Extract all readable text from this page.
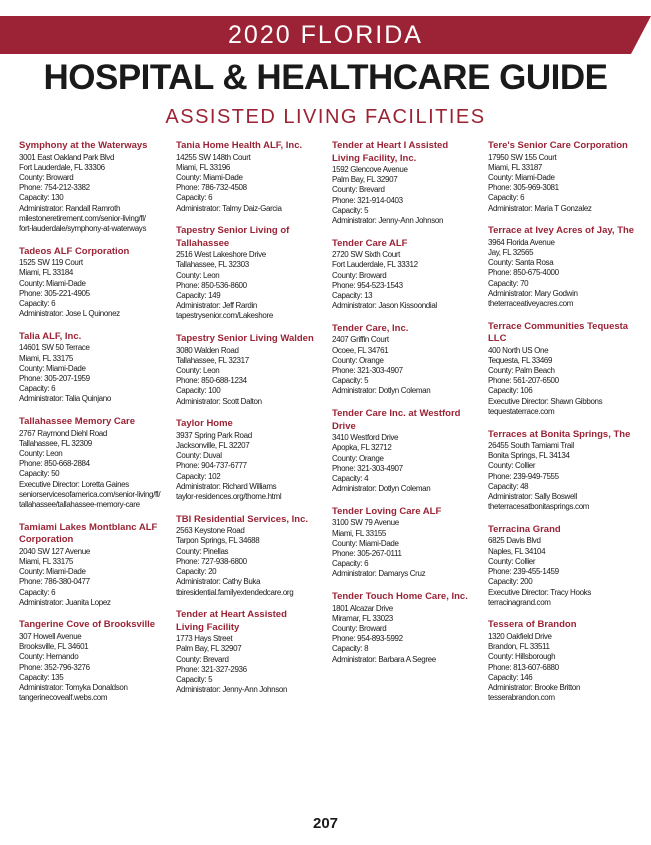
2020 FLORIDA
HOSPITAL & HEALTHCARE GUIDE
ASSISTED LIVING FACILITIES
Symphony at the Waterways
3001 East Oakland Park Blvd
Fort Lauderdale, FL 33306
County: Broward
Phone: 754-212-3382
Capacity: 130
Administrator: Randall Ramroth
milestoneretirement.com/senior-living/fl/
fort-lauderdale/symphony-at-waterways
Tadeos ALF Corporation
1525 SW 119 Court
Miami, FL 33184
County: Miami-Dade
Phone: 305-221-4905
Capacity: 6
Administrator: Jose L Quinonez
Talia ALF, Inc.
14601 SW 50 Terrace
Miami, FL 33175
County: Miami-Dade
Phone: 305-207-1959
Capacity: 6
Administrator: Talia Quinjano
Tallahassee Memory Care
2767 Raymond Diehl Road
Tallahassee, FL 32309
County: Leon
Phone: 850-668-2884
Capacity: 50
Executive Director: Loretta Gaines
seniorservicesofamerica.com/senior-living/fl/
tallahassee/tallahassee-memory-care
Tamiami Lakes Montblanc ALF
Corporation
2040 SW 127 Avenue
Miami, FL 33175
County: Miami-Dade
Phone: 786-380-0477
Capacity: 6
Administrator: Juanita Lopez
Tangerine Cove of Brooksville
307 Howell Avenue
Brooksville, FL 34601
County: Hernando
Phone: 352-796-3276
Capacity: 135
Administrator: Tomyka Donaldson
tangerinecovealf.webs.com
Tania Home Health ALF, Inc.
14255 SW 148th Court
Miami, FL 33196
County: Miami-Dade
Phone: 786-732-4508
Capacity: 6
Administrator: Talmy Daiz-Garcia
Tapestry Senior Living of Tallahassee
2516 West Lakeshore Drive
Tallahassee, FL 32303
County: Leon
Phone: 850-536-8600
Capacity: 149
Administrator: Jeff Rardin
tapestrysenior.com/Lakeshore
Tapestry Senior Living Walden
3080 Walden Road
Tallahassee, FL 32317
County: Leon
Phone: 850-688-1234
Capacity: 100
Administrator: Scott Dalton
Taylor Home
3937 Spring Park Road
Jacksonville, FL 32207
County: Duval
Phone: 904-737-6777
Capacity: 102
Administrator: Richard Williams
taylor-residences.org/thome.html
TBI Residential Services, Inc.
2563 Keystone Road
Tarpon Springs, FL 34688
County: Pinellas
Phone: 727-938-6800
Capacity: 20
Administrator: Cathy Buka
tbiresidential.familyextendedcare.org
Tender at Heart Assisted
Living Facility
1773 Hays Street
Palm Bay, FL 32907
County: Brevard
Phone: 321-327-2936
Capacity: 5
Administrator: Jenny-Ann Johnson
Tender at Heart I Assisted
Living Facility, Inc.
1592 Glencove Avenue
Palm Bay, FL 32907
County: Brevard
Phone: 321-914-0403
Capacity: 5
Administrator: Jenny-Ann Johnson
Tender Care ALF
2720 SW Sixth Court
Fort Lauderdale, FL 33312
County: Broward
Phone: 954-523-1543
Capacity: 13
Administrator: Jason Kissoondial
Tender Care, Inc.
2407 Griffin Court
Ocoee, FL 34761
County: Orange
Phone: 321-303-4907
Capacity: 5
Administrator: Dotlyn Coleman
Tender Care Inc. at Westford Drive
3410 Westford Drive
Apopka, FL 32712
County: Orange
Phone: 321-303-4907
Capacity: 4
Administrator: Dotlyn Coleman
Tender Loving Care ALF
3100 SW 79 Avenue
Miami, FL 33155
County: Miami-Dade
Phone: 305-267-0111
Capacity: 6
Administrator: Damarys Cruz
Tender Touch Home Care, Inc.
1801 Alcazar Drive
Miramar, FL 33023
County: Broward
Phone: 954-893-5992
Capacity: 8
Administrator: Barbara A Segree
Tere's Senior Care Corporation
17950 SW 155 Court
Miami, FL 33187
County: Miami-Dade
Phone: 305-969-3081
Capacity: 6
Administrator: Maria T Gonzalez
Terrace at Ivey Acres of Jay, The
3964 Florida Avenue
Jay, FL 32565
County: Santa Rosa
Phone: 850-675-4000
Capacity: 70
Administrator: Mary Godwin
theterraceativeyacres.com
Terrace Communities Tequesta LLC
400 North US One
Tequesta, FL 33469
County: Palm Beach
Phone: 561-207-6500
Capacity: 106
Executive Director: Shawn Gibbons
tequestaterrace.com
Terraces at Bonita Springs, The
26455 South Tamiami Trail
Bonita Springs, FL 34134
County: Collier
Phone: 239-949-7555
Capacity: 48
Administrator: Sally Boswell
theterracesatbonitasprings.com
Terracina Grand
6825 Davis Blvd
Naples, FL 34104
County: Collier
Phone: 239-455-1459
Capacity: 200
Executive Director: Tracy Hooks
terracinagrand.com
Tessera of Brandon
1320 Oakfield Drive
Brandon, FL 33511
County: Hillsborough
Phone: 813-607-6880
Capacity: 146
Administrator: Brooke Britton
tesserabrandon.com
207
